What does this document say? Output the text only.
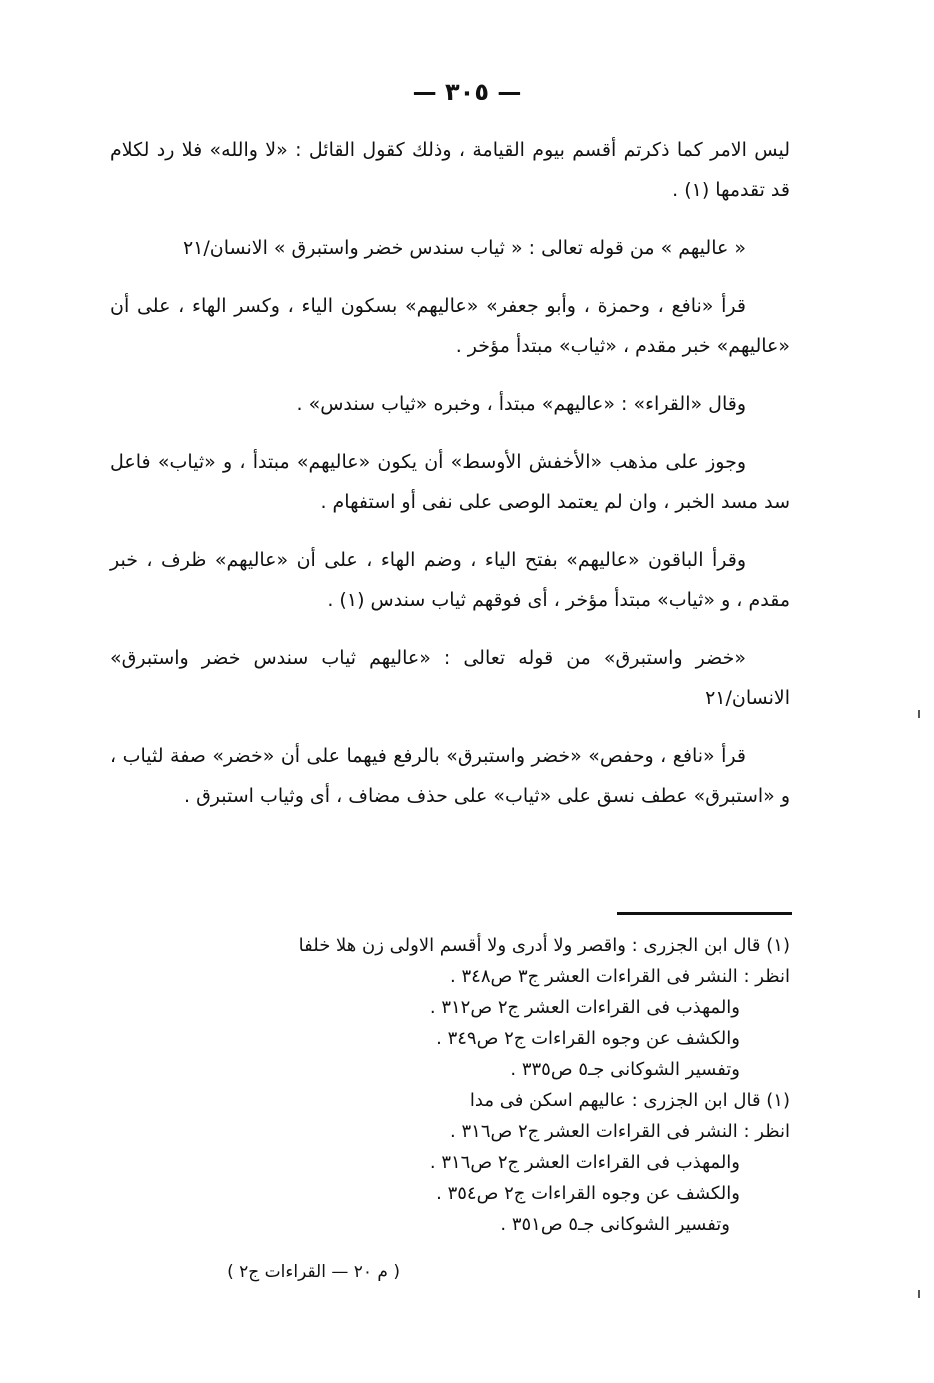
— ٣٠٥ —

ليس الامر كما ذكرتم أقسم بيوم القيامة ، وذلك كقول القائل : «لا والله» فلا رد لكلام قد تقدمها (١) .

« عاليهم » من قوله تعالى : « ثياب سندس خضر واستبرق » الانسان/٢١

قرأ «نافع ، وحمزة ، وأبو جعفر» «عاليهم» بسكون الياء ، وكسر الهاء ، على أن «عاليهم» خبر مقدم ، «ثياب» مبتدأ مؤخر .

وقال «القراء» : «عاليهم» مبتدأ ، وخبره «ثياب سندس» .

وجوز على مذهب «الأخفش الأوسط» أن يكون «عاليهم» مبتدأ ، و «ثياب» فاعل سد مسد الخبر ، وان لم يعتمد الوصى على نفى أو استفهام .

وقرأ الباقون «عاليهم» بفتح الياء ، وضم الهاء ، على أن «عاليهم» ظرف ، خبر مقدم ، و «ثياب» مبتدأ مؤخر ، أى فوقهم ثياب سندس (١) .

«خضر واستبرق» من قوله تعالى : «عاليهم ثياب سندس خضر واستبرق» الانسان/٢١

قرأ «نافع ، وحفص» «خضر واستبرق» بالرفع فيهما على أن «خضر» صفة لثياب ، و «استبرق» عطف نسق على «ثياب» على حذف مضاف ، أى وثياب استبرق .

(١) قال ابن الجزرى : واقصر ولا أدرى ولا أقسم الاولى زن هلا خلفا
انظر : النشر فى القراءات العشر ج٣ ص٣٤٨ .
والمهذب فى القراءات العشر ج٢ ص٣١٢ .
والكشف عن وجوه القراءات ج٢ ص٣٤٩ .
وتفسير الشوكانى جـ٥ ص٣٣٥ .
(١) قال ابن الجزرى : عاليهم اسكن فى مدا
انظر : النشر فى القراءات العشر ج٢ ص٣١٦ .
والمهذب فى القراءات العشر ج٢ ص٣١٦ .
والكشف عن وجوه القراءات ج٢ ص٣٥٤ .
وتفسير الشوكانى جـ٥ ص٣٥١ .
( م ٢٠ — القراءات ج٢ )
